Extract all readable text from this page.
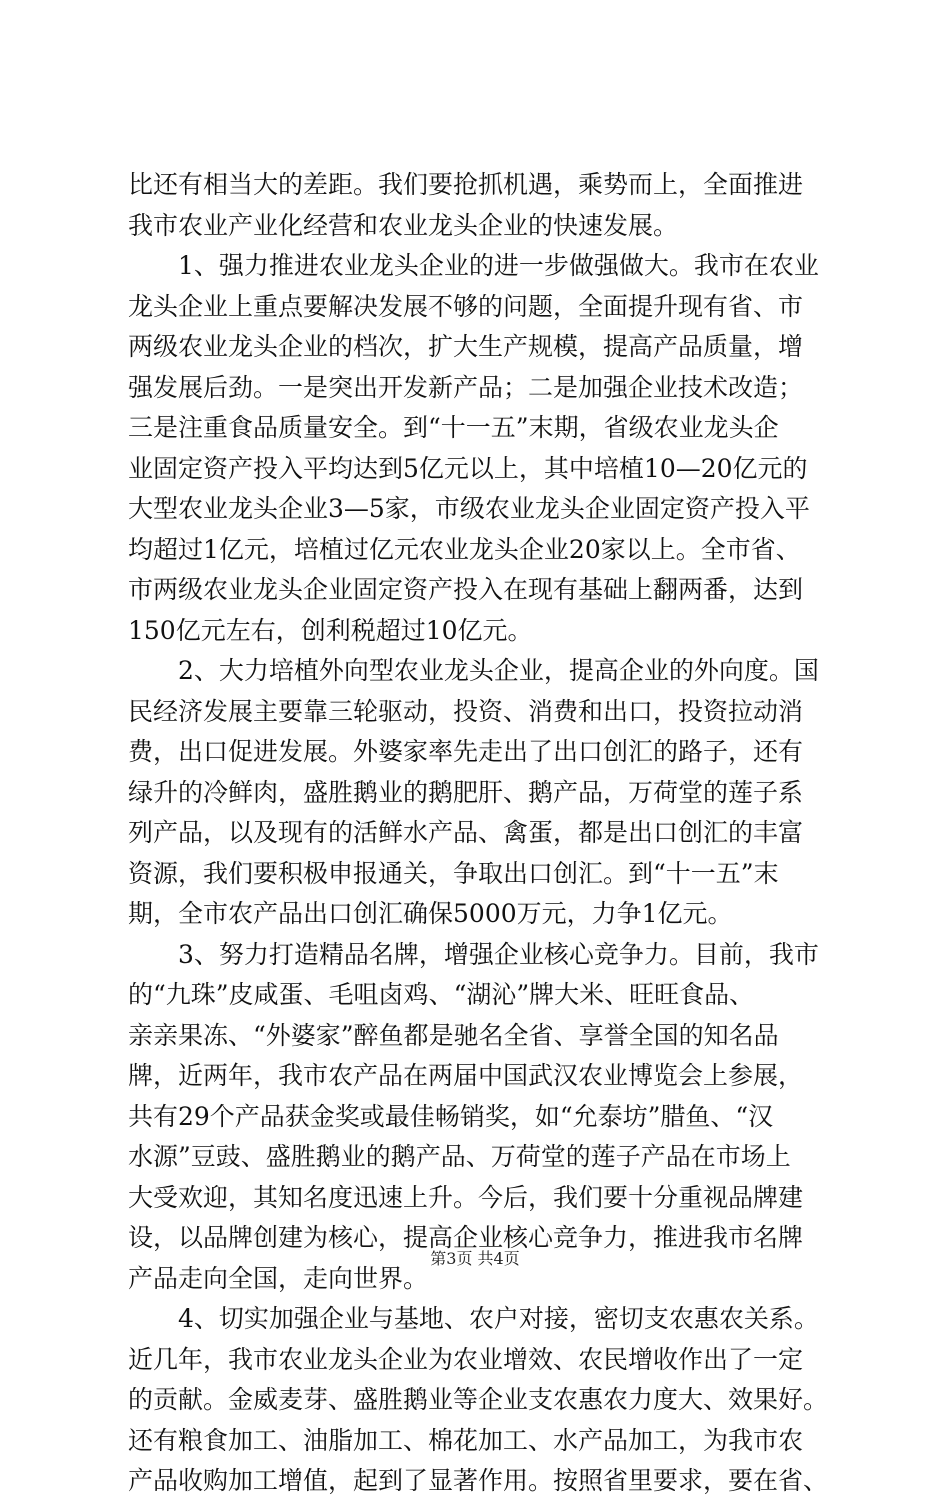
比还有相当大的差距。我们要抢抓机遇，乘势而上，全面推进
我市农业产业化经营和农业龙头企业的快速发展。
1、强力推进农业龙头企业的进一步做强做大。我市在农业
龙头企业上重点要解决发展不够的问题，全面提升现有省、市
两级农业龙头企业的档次，扩大生产规模，提高产品质量，增
强发展后劲。一是突出开发新产品；二是加强企业技术改造；
三是注重食品质量安全。到“十一五”末期，省级农业龙头企
业固定资产投入平均达到5亿元以上，其中培植10—20亿元的
大型农业龙头企业3—5家，市级农业龙头企业固定资产投入平
均超过1亿元，培植过亿元农业龙头企业20家以上。全市省、
市两级农业龙头企业固定资产投入在现有基础上翻两番，达到
150亿元左右，创利税超过10亿元。
2、大力培植外向型农业龙头企业，提高企业的外向度。国
民经济发展主要靠三轮驱动，投资、消费和出口，投资拉动消
费，出口促进发展。外婆家率先走出了出口创汇的路子，还有
绿升的冷鲜肉，盛胜鹅业的鹅肥肝、鹅产品，万荷堂的莲子系
列产品，以及现有的活鲜水产品、禽蛋，都是出口创汇的丰富
资源，我们要积极申报通关，争取出口创汇。到“十一五”末
期，全市农产品出口创汇确保5000万元，力争1亿元。
3、努力打造精品名牌，增强企业核心竞争力。目前，我市
的“九珠”皮咸蛋、毛咀卤鸡、“湖沁”牌大米、旺旺食品、
亲亲果冻、“外婆家”醉鱼都是驰名全省、享誉全国的知名品
牌，近两年，我市农产品在两届中国武汉农业博览会上参展，
共有29个产品获金奖或最佳畅销奖，如“允泰坊”腊鱼、“汉
水源”豆豉、盛胜鹅业的鹅产品、万荷堂的莲子产品在市场上
大受欢迎，其知名度迅速上升。今后，我们要十分重视品牌建
设，以品牌创建为核心，提高企业核心竞争力，推进我市名牌
产品走向全国，走向世界。
4、切实加强企业与基地、农户对接，密切支农惠农关系。
近几年，我市农业龙头企业为农业增效、农民增收作出了一定
的贡献。金威麦芽、盛胜鹅业等企业支农惠农力度大、效果好。
还有粮食加工、油脂加工、棉花加工、水产品加工，为我市农
产品收购加工增值，起到了显著作用。按照省里要求，要在省、
第3页 共4页
